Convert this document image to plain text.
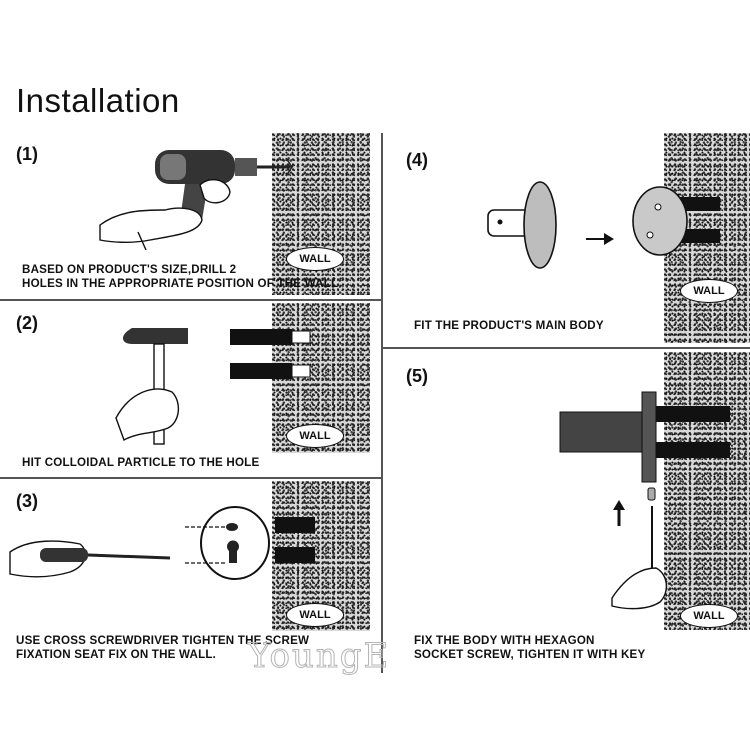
Installation
(1)
WALL
BASED ON PRODUCT'S SIZE,DRILL 2
HOLES IN THE APPROPRIATE POSITION OF THE WALL
(2)
WALL
HIT COLLOIDAL PARTICLE TO THE HOLE
(3)
WALL
USE CROSS SCREWDRIVER TIGHTEN THE SCREW
FIXATION SEAT FIX ON THE WALL.
(4)
WALL
FIT THE PRODUCT'S MAIN BODY
(5)
WALL
FIX THE BODY WITH HEXAGON
SOCKET SCREW, TIGHTEN IT WITH KEY
YoungE
